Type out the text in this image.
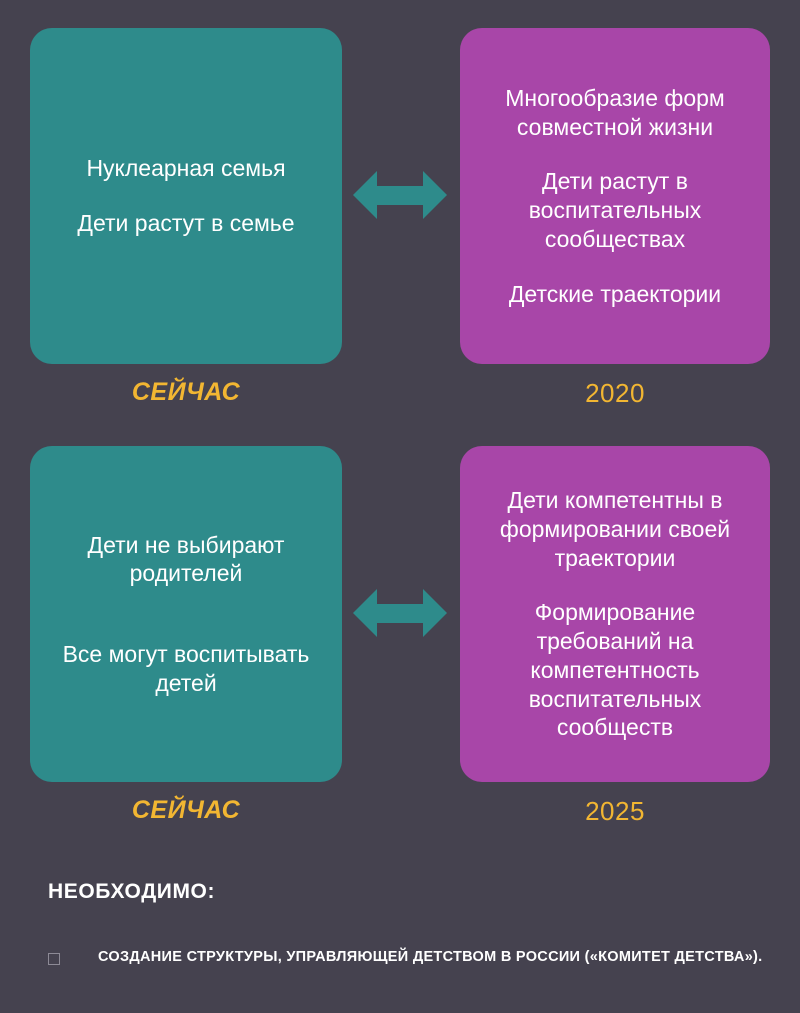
Нуклеарная семья

Дети растут в семье

СЕЙЧАС

Многообразие форм совместной жизни

Дети растут в воспитательных сообществах

Детские траектории

2020

Дети не выбирают родителей

Все могут воспитывать детей

СЕЙЧАС

Дети компетентны в формировании своей траектории

Формирование требований на компетентность воспитательных сообществ

2025
НЕОБХОДИМО:
СОЗДАНИЕ СТРУКТУРЫ, УПРАВЛЯЮЩЕЙ ДЕТСТВОМ В РОССИИ («КОМИТЕТ ДЕТСТВА»).
